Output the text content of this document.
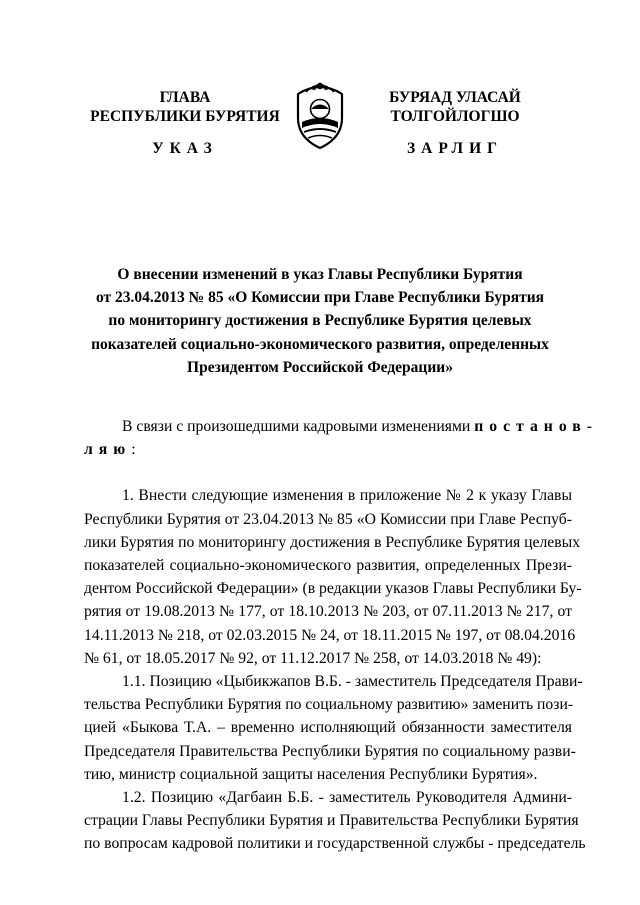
ГЛАВА
РЕСПУБЛИКИ БУРЯТИЯ
УКАЗ
БУРЯАД УЛАСАЙ
ТОЛГОЙЛОГШО
ЗАРЛИГ
О внесении изменений в указ Главы Республики Бурятия
от 23.04.2013 № 85 «О Комиссии при Главе Республики Бурятия
по мониторингу достижения в Республике Бурятия целевых
показателей социально-экономического развития, определенных
Президентом Российской Федерации»
В связи с произошедшими кадровыми изменениями постанов-
ляю:
1. Внести следующие изменения в приложение № 2 к указу Главы
Республики Бурятия от 23.04.2013 № 85 «О Комиссии при Главе Респуб-
лики Бурятия по мониторингу достижения в Республике Бурятия целевых
показателей социально-экономического развития, определенных Прези-
дентом Российской Федерации» (в редакции указов Главы Республики Бу-
рятия от 19.08.2013 № 177, от 18.10.2013 № 203, от 07.11.2013 № 217, от
14.11.2013 № 218, от 02.03.2015 № 24, от 18.11.2015 № 197, от 08.04.2016
№ 61, от 18.05.2017 № 92, от 11.12.2017 № 258, от 14.03.2018 № 49):
1.1. Позицию «Цыбикжапов В.Б. - заместитель Председателя Прави-
тельства Республики Бурятия по социальному развитию» заменить пози-
цией «Быкова Т.А. – временно исполняющий обязанности заместителя
Председателя Правительства Республики Бурятия по социальному разви-
тию, министр социальной защиты населения Республики Бурятия».
1.2. Позицию «Дагбаин Б.Б. - заместитель Руководителя Админи-
страции Главы Республики Бурятия и Правительства Республики Бурятия
по вопросам кадровой политики и государственной службы - председатель
